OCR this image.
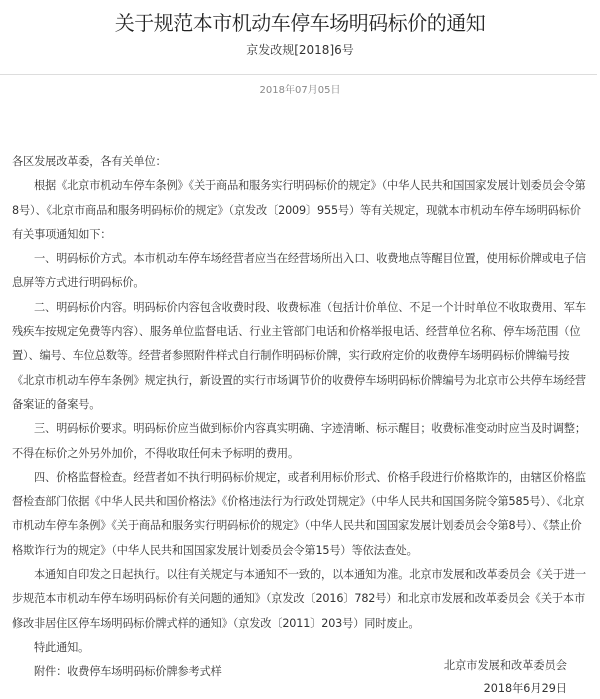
关于规范本市机动车停车场明码标价的通知
京发改规[2018]6号
2018年07月05日

各区发展改革委，各有关单位：

根据《北京市机动车停车条例》《关于商品和服务实行明码标价的规定》（中华人民共和国国家发展计划委员会令第8号）、《北京市商品和服务明码标价的规定》（京发改〔2009〕955号）等有关规定，现就本市机动车停车场明码标价有关事项通知如下：

一、明码标价方式。本市机动车停车场经营者应当在经营场所出入口、收费地点等醒目位置，使用标价牌或电子信息屏等方式进行明码标价。

二、明码标价内容。明码标价内容包含收费时段、收费标准（包括计价单位、不足一个计时单位不收取费用、军车残疾车按规定免费等内容）、服务单位监督电话、行业主管部门电话和价格举报电话、经营单位名称、停车场范围（位置）、编号、车位总数等。经营者参照附件样式自行制作明码标价牌，实行政府定价的收费停车场明码标价牌编号按《北京市机动车停车条例》规定执行，新设置的实行市场调节价的收费停车场明码标价牌编号为北京市公共停车场经营备案证的备案号。

三、明码标价要求。明码标价应当做到标价内容真实明确、字迹清晰、标示醒目；收费标准变动时应当及时调整；不得在标价之外另外加价，不得收取任何未予标明的费用。

四、价格监督检查。经营者如不执行明码标价规定，或者利用标价形式、价格手段进行价格欺诈的，由辖区价格监督检查部门依据《中华人民共和国价格法》《价格违法行为行政处罚规定》（中华人民共和国国务院令第585号）、《北京市机动车停车条例》《关于商品和服务实行明码标价的规定》（中华人民共和国国家发展计划委员会令第8号）、《禁止价格欺诈行为的规定》（中华人民共和国国家发展计划委员会令第15号）等依法查处。

本通知自印发之日起执行。以往有关规定与本通知不一致的，以本通知为准。北京市发展和改革委员会《关于进一步规范本市机动车停车场明码标价有关问题的通知》（京发改〔2016〕782号）和北京市发展和改革委员会《关于本市修改非居住区停车场明码标价牌式样的通知》（京发改〔2011〕203号）同时废止。

特此通知。

附件：收费停车场明码标价牌参考式样	北京市发展和改革委员会
2018年6月29日
